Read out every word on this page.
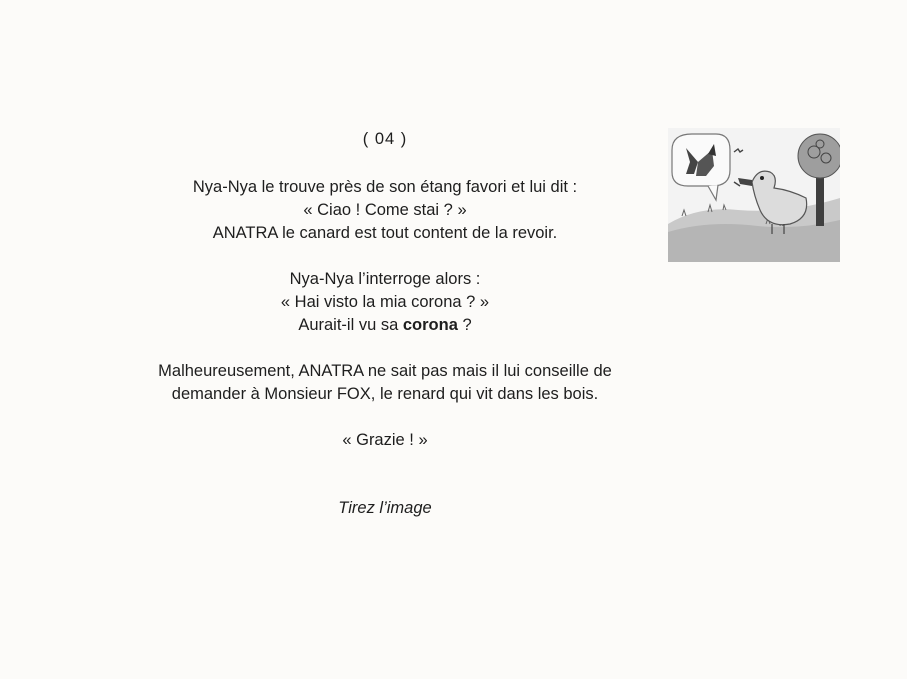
( 04 )

Nya-Nya le trouve près de son étang favori et lui dit :

« Ciao ! Come stai ? »

ANATRA le canard est tout content de la revoir.

Nya-Nya l’interroge alors :

« Hai visto la mia corona ? »

Aurait-il vu sa corona ?

Malheureusement, ANATRA ne sait pas mais il lui conseille de

demander à Monsieur FOX, le renard qui vit dans les bois.

« Grazie ! »

Tirez l’image
